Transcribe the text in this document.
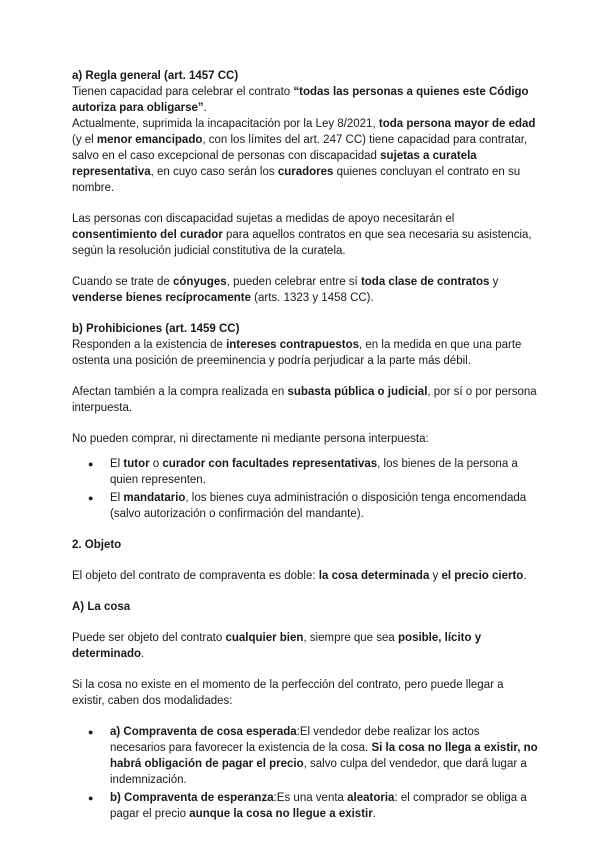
a) Regla general (art. 1457 CC)

Tienen capacidad para celebrar el contrato “todas las personas a quienes este Código autoriza para obligarse”.

Actualmente, suprimida la incapacitación por la Ley 8/2021, toda persona mayor de edad (y el menor emancipado, con los límites del art. 247 CC) tiene capacidad para contratar, salvo en el caso excepcional de personas con discapacidad sujetas a curatela representativa, en cuyo caso serán los curadores quienes concluyan el contrato en su nombre.

Las personas con discapacidad sujetas a medidas de apoyo necesitarán el consentimiento del curador para aquellos contratos en que sea necesaria su asistencia, según la resolución judicial constitutiva de la curatela.

Cuando se trate de cónyuges, pueden celebrar entre sí toda clase de contratos y venderse bienes recíprocamente (arts. 1323 y 1458 CC).

b) Prohibiciones (art. 1459 CC)

Responden a la existencia de intereses contrapuestos, en la medida en que una parte ostenta una posición de preeminencia y podría perjudicar a la parte más débil.

Afectan también a la compra realizada en subasta pública o judicial, por sí o por persona interpuesta.

No pueden comprar, ni directamente ni mediante persona interpuesta:

● El tutor o curador con facultades representativas, los bienes de la persona a quien representen.
● El mandatario, los bienes cuya administración o disposición tenga encomendada (salvo autorización o confirmación del mandante).

2. Objeto

El objeto del contrato de compraventa es doble: la cosa determinada y el precio cierto.

A) La cosa

Puede ser objeto del contrato cualquier bien, siempre que sea posible, lícito y determinado.

Si la cosa no existe en el momento de la perfección del contrato, pero puede llegar a existir, caben dos modalidades:

● a) Compraventa de cosa esperada:El vendedor debe realizar los actos necesarios para favorecer la existencia de la cosa. Si la cosa no llega a existir, no habrá obligación de pagar el precio, salvo culpa del vendedor, que dará lugar a indemnización.
● b) Compraventa de esperanza:Es una venta aleatoria: el comprador se obliga a pagar el precio aunque la cosa no llegue a existir.
